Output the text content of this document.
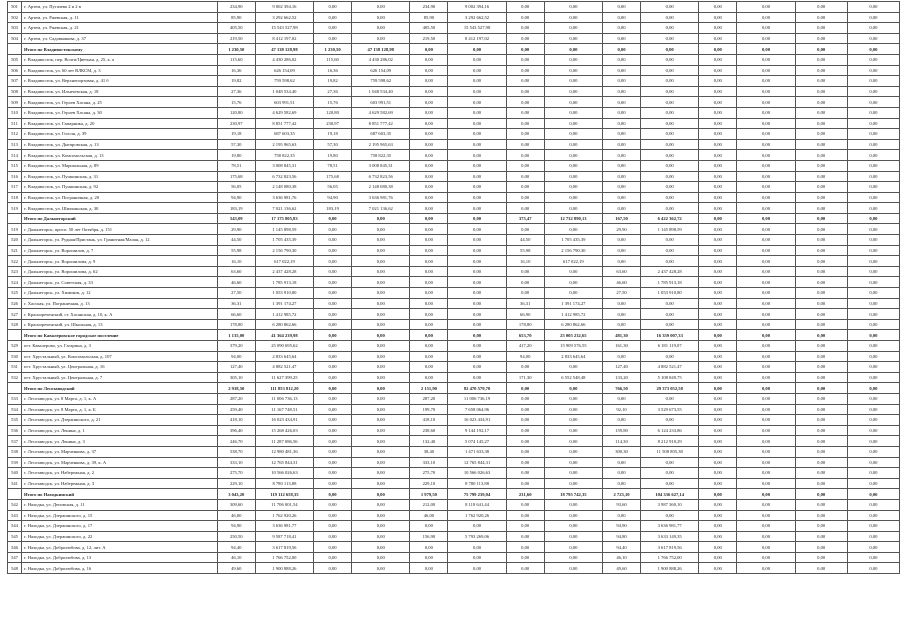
501	г. Артем, ул. Пугачева 2 и 2 в	234,90	9 002 394,16	0,00	0,00	234,90	9 002 394,16	0,00	0,00	0,00	0,00	0,00	0,00	0,00	0,00
502	г. Артем, ул. Ржевская, д. 11	85,90	3 292 662,52	0,00	0,00	85,90	3 292 662,52	0,00	0,00	0,00	0,00	0,00	0,00	0,00	0,00
503	г. Артем, ул. Ржевская, д. 21	405,50	15 543 527,98	0,00	0,00	405,50	15 543 527,98	0,00	0,00	0,00	0,00	0,00	0,00	0,00	0,00
504	г. Артем, ул. Садовникова, д. 37	219,50	8 412 197,02	0,00	0,00	219,50	8 412 197,02	0,00	0,00	0,00	0,00	0,00	0,00	0,00	0,00
	Итого по Владивостокскому	1 230,50	47 138 128,98	1 230,50	47 138 128,98	0,00	0,00	0,00	0,00	0,00	0,00	0,00	0,00	0,00	0,00
505	г. Владивосток, пер. Волги/Цветная, д. 25, к. а	115,60	4 430 286,02	115,60	4 430 286,02	0,00	0,00	0,00	0,00	0,00	0,00	0,00	0,00	0,00	0,00
506	г. Владивосток, ул. 60 лет ВЛКСМ, д. 3	16,36	626 154,09	16,36	626 154,09	0,00	0,00	0,00	0,00	0,00	0,00	0,00	0,00	0,00	0,00
507	г. Владивосток, ул. Верхнепортовая, д. 41 б	19,82	759 598,62	19,82	759 598,62	0,00	0,00	0,00	0,00	0,00	0,00	0,00	0,00	0,00	0,00
508	г. Владивосток, ул. Ильичевская, д. 18	27,36	1 048 534,40	27,36	1 048 534,40	0,00	0,00	0,00	0,00	0,00	0,00	0,00	0,00	0,00	0,00
509	г. Владивосток, ул. Героев Хасана, д. 25	15,76	603 991,51	15,76	603 991,51	0,00	0,00	0,00	0,00	0,00	0,00	0,00	0,00	0,00	0,00
510	г. Владивосток, ул. Героев Хасана, д. 30	120,80	4 629 582,69	120,80	4 629 582,69	0,00	0,00	0,00	0,00	0,00	0,00	0,00	0,00	0,00	0,00
511	г. Владивосток, ул. Гамарника, д. 20	230,97	8 851 777,42	230,97	8 851 777,42	0,00	0,00	0,00	0,00	0,00	0,00	0,00	0,00	0,00	0,00
512	г. Владивосток, ул. Гоголя, д. 39	19,18	687 603,35	19,18	687 603,35	0,00	0,00	0,00	0,00	0,00	0,00	0,00	0,00	0,00	0,00
513	г. Владивосток, ул. Днепровская, д. 13	57,30	2 195 965,63	57,30	2 195 965,63	0,00	0,00	0,00	0,00	0,00	0,00	0,00	0,00	0,00	0,00
514	г. Владивосток, ул. Комсомольская, д. 13	19,80	758 822,35	19,80	758 822,35	0,00	0,00	0,00	0,00	0,00	0,00	0,00	0,00	0,00	0,00
515	г. Владивосток, ул. Маршальная, д. 89	78,51	3 008 845,31	78,51	3 008 845,31	0,00	0,00	0,00	0,00	0,00	0,00	0,00	0,00	0,00	0,00
516	г. Владивосток, ул. Пушкинская, д. 31	175,68	6 732 823,56	175,68	6 732 823,56	0,00	0,00	0,00	0,00	0,00	0,00	0,00	0,00	0,00	0,00
517	г. Владивосток, ул. Пушкинская, д. 92	56,05	2 148 080,38	56,05	2 148 080,38	0,00	0,00	0,00	0,00	0,00	0,00	0,00	0,00	0,00	0,00
518	г. Владивосток, ул. Пограничная, д. 20	94,90	3 636 981,76	94,90	3 636 981,76	0,00	0,00	0,00	0,00	0,00	0,00	0,00	0,00	0,00	0,00
519	г. Владивосток, ул. Шилкинская, д. 30	183,19	7 021 136,62	183,19	7 021 136,62	0,00	0,00	0,00	0,00	0,00	0,00	0,00	0,00	0,00	0,00
	Итого по Дальнегорский	543,09	17 175 805,83	0,00	0,00	0,00	0,00	375,47	12 732 890,13	167,50	6 422 362,72	0,00	0,00	0,00	0,00
519	г. Дальнегорск, просп. 50 лет Октября, д. 151	29,90	1 145 898,59	0,00	0,00	0,00	0,00	0,00	0,00	29,90	1 145 898,59	0,00	0,00	0,00	0,00
520	г. Дальнегорск, ул. Рудная/Пристань, ул. Гранитная/Малая, д. 12	44,50	1 705 435,39	0,00	0,00	0,00	0,00	44,50	1 705 435,39	0,00	0,00	0,00	0,00	0,00	0,00
521	г. Дальнегорск, ул. Ворошилов, д. 7	55,98	2 156 790,30	0,00	0,00	0,00	0,00	55,98	2 156 790,30	0,00	0,00	0,00	0,00	0,00	0,00
522	г. Дальнегорск, ул. Ворошилова, д. 9	16,10	617 022,19	0,00	0,00	0,00	0,00	16,10	617 022,19	0,00	0,00	0,00	0,00	0,00	0,00
523	г. Дальнегорск, ул. Ворошилова, д. 62	63,60	2 437 428,28	0,00	0,00	0,00	0,00	0,00	0,00	63,60	2 437 428,28	0,00	0,00	0,00	0,00
524	г. Дальнегорск, ул. Советская, д. 33	46,60	1 785 913,18	0,00	0,00	0,00	0,00	0,00	0,00	46,60	1 785 913,18	0,00	0,00	0,00	0,00
525	г. Дальнегорск, ул. Химиков, д. 12	27,50	1 053 910,80	0,00	0,00	0,00	0,00	0,00	0,00	27,50	1 053 910,80	0,00	0,00	0,00	0,00
526	г. Хасская, ул. Пограничная, д. 13	36,31	1 391 174,27	0,00	0,00	0,00	0,00	36,31	1 391 174,27	0,00	0,00	0,00	0,00	0,00	0,00
527	г. Краснореченский, ст. Хасанская, д. 10, к. А	66,60	1 412 985,72	0,00	0,00	0,00	0,00	66,90	1 412 985,72	0,00	0,00	0,00	0,00	0,00	0,00
528	г. Краснореченский, ул. Школьная, д. 13	178,80	6 280 862,66	0,00	0,00	0,00	0,00	178,80	6 280 862,66	0,00	0,00	0,00	0,00	0,00	0,00
	Итого по Кавалеровское городское поселение	1 135,00	41 364 239,98	0,00	0,00	0,00	0,00	653,70	25 005 232,65	481,30	16 359 007,33	0,00	0,00	0,00	0,00
529	пгт. Кавалерово, ул. Гагарина, д. 3	379,20	25 090 695,62	0,00	0,00	0,00	0,00	417,20	15 909 576,55	161,30	6 181 119,07	0,00	0,00	0,00	0,00
530	пгт. Хрустальный, ул. Комсомольская, д. 107	94,00	2 833 645,64	0,00	0,00	0,00	0,00	94,00	2 833 645,64	0,00	0,00	0,00	0,00	0,00	0,00
531	пгт. Хрустальный, ул. Центральная, д. 16	127,40	4 882 521,47	0,00	0,00	0,00	0,00	0,00	0,00	127,40	4 882 521,47	0,00	0,00	0,00	0,00
532	пгт. Хрустальный, ул. Центральная, д. 7	305,10	11 627 399,25	0,00	0,00	0,00	0,00	171,30	6 552 548,48	133,20	5 108 849,75	0,00	0,00	0,00	0,00
	Итого по Лесозаводский	2 918,50	111 853 812,20	0,00	0,00	2 151,90	82 470 579,70	0,00	0,00	766,50	29 373 052,58	0,00	0,00	0,00	0,00
533	г. Лесозаводск, ул. 8 Марта, д. 1, к. А	287,20	11 006 736,13	0,00	0,00	287,20	11 006 736,19	0,00	0,00	0,00	0,00	0,00	0,00	0,00	0,00
534	г. Лесозаводск, ул. 8 Марта, д. 1, к. Б	259,40	11 167 748,51	0,00	0,00	199,70	7 658 064,96	0,00	0,00	92,10	3 529 673,55	0,00	0,00	0,00	0,00
535	г. Лесозаводск, ул. Дзержинского, д. 21	418,10	16 023 434,91	0,00	0,00	418,10	16 023 434,91	0,00	0,00	0,00	0,00	0,00	0,00	0,00	0,00
536	г. Лесозаводск, ул. Ленина, д. 1	396,40	15 268 426,03	0,00	0,00	238,60	9 144 192,17	0,00	0,00	159,80	6 124 233,86	0,00	0,00	0,00	0,00
537	г. Лесозаводск, ул. Ленина, д. 3	246,70	11 287 086,56	0,00	0,00	132,40	5 074 145,27	0,00	0,00	114,30	8 212 910,29	0,00	0,00	0,00	0,00
538	г. Лесозаводск, ул. Марченкова, д. 37	538,70	12 980 481,36	0,00	0,00	38,40	1 471 633,38	0,00	0,00	300,30	11 508 805,38	0,00	0,00	0,00	0,00
539	г. Лесозаводск, ул. Марченкова, д. 39, к. А	333,10	12 765 844,31	0,00	0,00	333,10	12 765 844,31	0,00	0,00	0,00	0,00	0,00	0,00	0,00	0,00
540	г. Лесозаводск, ул. Набережная, д. 2	275,70	10 566 026,63	0,00	0,00	275,70	10 566 026,63	0,00	0,00	0,00	0,00	0,00	0,00	0,00	0,00
541	г. Лесозаводск, ул. Набережная, д. 3	229,10	8 780 113,88	0,00	0,00	229,10	8 780 113,88	0,00	0,00	0,00	0,00	0,00	0,00	0,00	0,00
	Итого по Находкинский	3 043,20	119 112 658,35	0,00	0,00	1 979,50	75 799 239,04	231,60	18 795 742,35	2 723,10	104 336 627,14	0,00	0,00	0,00	0,00
542	г. Находка, ул. Деповская, д. 11	309,60	11 706 001,54	0,00	0,00	212,00	8 118 641,44	0,00	0,00	93,60	3 987 360,10	0,00	0,00	0,00	0,00
543	г. Находка, ул. Дзержинского, д. 15	46,00	1 762 920,26	0,00	0,00	46,00	1 762 920,26	0,00	0,00	0,00	0,00	0,00	0,00	0,00	0,00
544	г. Находка, ул. Дзержинского, д. 17	94,90	3 636 981,77	0,00	0,00	0,00	0,00	0,00	0,00	94,90	3 636 981,77	0,00	0,00	0,00	0,00
545	г. Находка, ул. Дзержинского, д. 22	250,50	9 587 718,41	0,00	0,00	156,90	5 793 269,06	0,00	0,00	94,80	3 633 149,35	0,00	0,00	0,00	0,00
546	г. Находка, ул. Добролюбова, д. 12, лит. А	94,40	3 617 819,56	0,00	0,00	0,00	0,00	0,00	0,00	94,40	3 617 819,56	0,00	0,00	0,00	0,00
547	г. Находка, ул. Добролюбова, д. 13	46,10	1 766 752,00	0,00	0,00	0,00	0,00	0,00	0,00	46,10	1 766 752,00	0,00	0,00	0,00	0,00
548	г. Находка, ул. Добролюбова, д. 16	49,60	1 900 888,26	0,00	0,00	0,00	0,00	0,00	0,00	49,60	1 900 888,26	0,00	0,00	0,00	0,00
